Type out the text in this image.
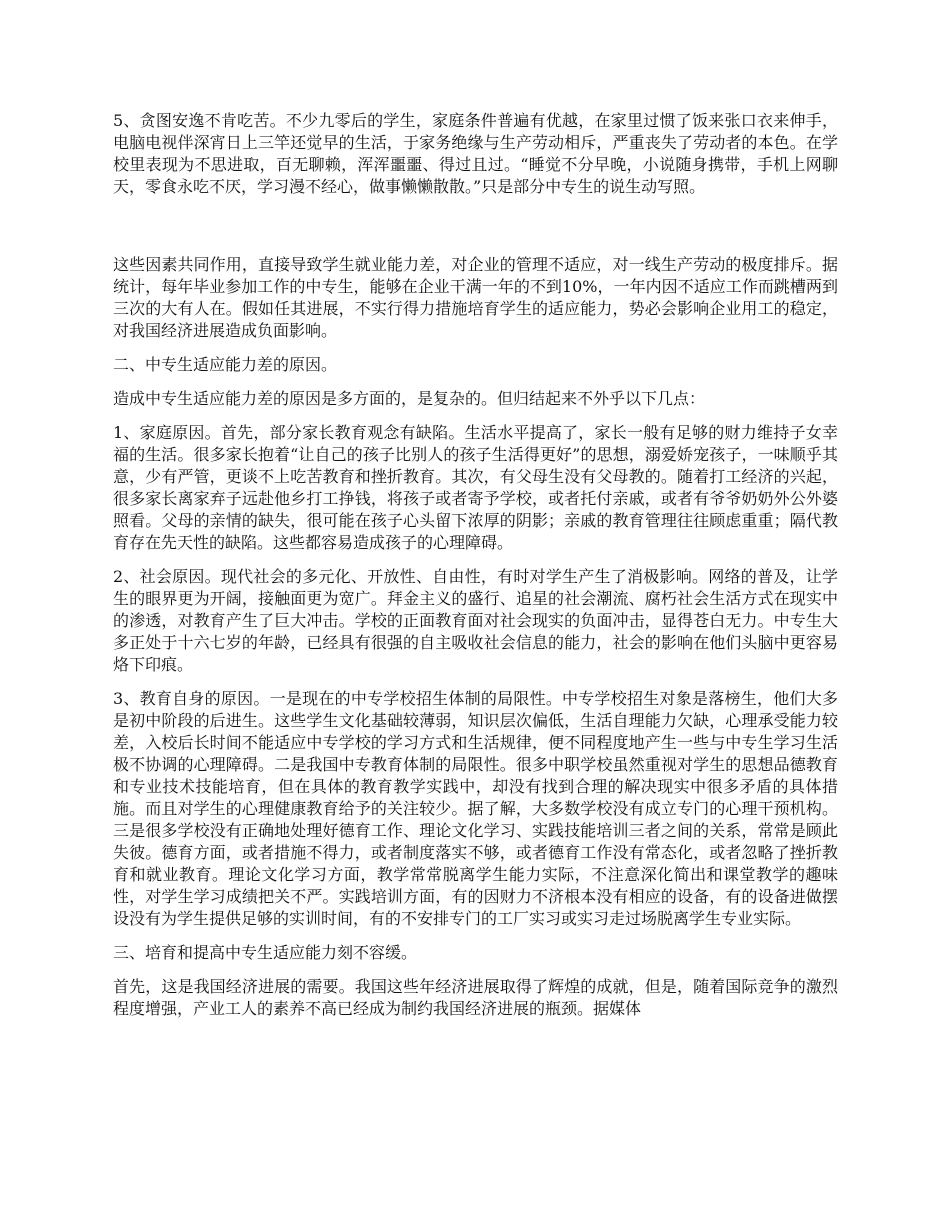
5、贪图安逸不肯吃苦。不少九零后的学生，家庭条件普遍有优越，在家里过惯了饭来张口衣来伸手，电脑电视伴深宵日上三竿还觉早的生活，于家务绝缘与生产劳动相斥，严重丧失了劳动者的本色。在学校里表现为不思进取，百无聊赖，浑浑噩噩、得过且过。“睡觉不分早晚，小说随身携带，手机上网聊天，零食永吃不厌，学习漫不经心，做事懒懒散散。”只是部分中专生的说生动写照。

这些因素共同作用，直接导致学生就业能力差，对企业的管理不适应，对一线生产劳动的极度排斥。据统计，每年毕业参加工作的中专生，能够在企业干满一年的不到10%，一年内因不适应工作而跳槽两到三次的大有人在。假如任其进展，不实行得力措施培育学生的适应能力，势必会影响企业用工的稳定，对我国经济进展造成负面影响。

二、中专生适应能力差的原因。

造成中专生适应能力差的原因是多方面的，是复杂的。但归结起来不外乎以下几点：

1、家庭原因。首先，部分家长教育观念有缺陷。生活水平提高了，家长一般有足够的财力维持子女幸福的生活。很多家长抱着“让自己的孩子比别人的孩子生活得更好”的思想，溺爱娇宠孩子，一味顺乎其意，少有严管，更谈不上吃苦教育和挫折教育。其次，有父母生没有父母教的。随着打工经济的兴起，很多家长离家弃子远赴他乡打工挣钱，将孩子或者寄予学校，或者托付亲戚，或者有爷爷奶奶外公外婆照看。父母的亲情的缺失，很可能在孩子心头留下浓厚的阴影；亲戚的教育管理往往顾虑重重；隔代教育存在先天性的缺陷。这些都容易造成孩子的心理障碍。

2、社会原因。现代社会的多元化、开放性、自由性，有时对学生产生了消极影响。网络的普及，让学生的眼界更为开阔，接触面更为宽广。拜金主义的盛行、追星的社会潮流、腐朽社会生活方式在现实中的渗透，对教育产生了巨大冲击。学校的正面教育面对社会现实的负面冲击，显得苍白无力。中专生大多正处于十六七岁的年龄，已经具有很强的自主吸收社会信息的能力，社会的影响在他们头脑中更容易烙下印痕。

3、教育自身的原因。一是现在的中专学校招生体制的局限性。中专学校招生对象是落榜生，他们大多是初中阶段的后进生。这些学生文化基础较薄弱，知识层次偏低，生活自理能力欠缺，心理承受能力较差，入校后长时间不能适应中专学校的学习方式和生活规律，便不同程度地产生一些与中专生学习生活极不协调的心理障碍。二是我国中专教育体制的局限性。很多中职学校虽然重视对学生的思想品德教育和专业技术技能培育，但在具体的教育教学实践中，却没有找到合理的解决现实中很多矛盾的具体措施。而且对学生的心理健康教育给予的关注较少。据了解，大多数学校没有成立专门的心理干预机构。三是很多学校没有正确地处理好德育工作、理论文化学习、实践技能培训三者之间的关系，常常是顾此失彼。德育方面，或者措施不得力，或者制度落实不够，或者德育工作没有常态化，或者忽略了挫折教育和就业教育。理论文化学习方面，教学常常脱离学生能力实际，不注意深化简出和课堂教学的趣味性，对学生学习成绩把关不严。实践培训方面，有的因财力不济根本没有相应的设备，有的设备进做摆设没有为学生提供足够的实训时间，有的不安排专门的工厂实习或实习走过场脱离学生专业实际。

三、培育和提高中专生适应能力刻不容缓。

首先，这是我国经济进展的需要。我国这些年经济进展取得了辉煌的成就，但是，随着国际竞争的激烈程度增强，产业工人的素养不高已经成为制约我国经济进展的瓶颈。据媒体
